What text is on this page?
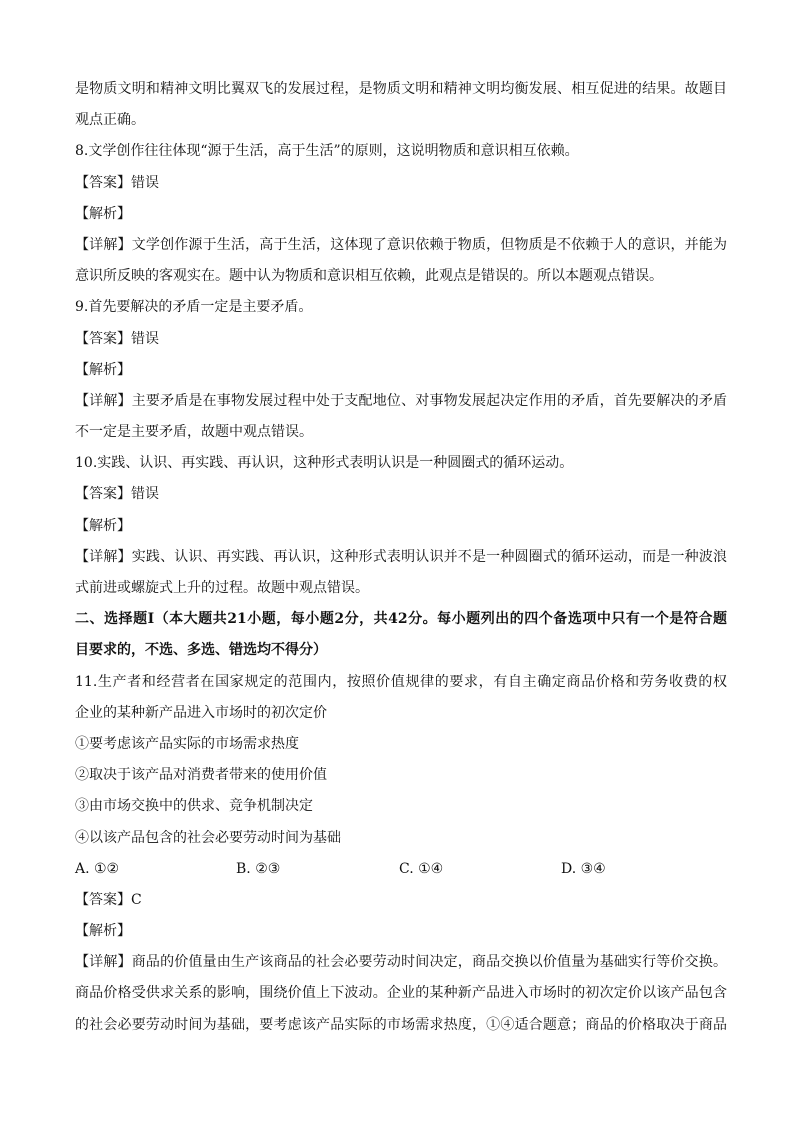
是物质文明和精神文明比翼双飞的发展过程，是物质文明和精神文明均衡发展、相互促进的结果。故题目
观点正确。
8.文学创作往往体现“源于生活，高于生活”的原则，这说明物质和意识相互依赖。
【答案】错误
【解析】
【详解】文学创作源于生活，高于生活，这体现了意识依赖于物质，但物质是不依赖于人的意识，并能为
意识所反映的客观实在。题中认为物质和意识相互依赖，此观点是错误的。所以本题观点错误。
9.首先要解决的矛盾一定是主要矛盾。
【答案】错误
【解析】
【详解】主要矛盾是在事物发展过程中处于支配地位、对事物发展起决定作用的矛盾，首先要解决的矛盾
不一定是主要矛盾，故题中观点错误。
10.实践、认识、再实践、再认识，这种形式表明认识是一种圆圈式的循环运动。
【答案】错误
【解析】
【详解】实践、认识、再实践、再认识，这种形式表明认识并不是一种圆圈式的循环运动，而是一种波浪
式前进或螺旋式上升的过程。故题中观点错误。
二、选择题Ⅰ（本大题共21小题，每小题2分，共42分。每小题列出的四个备选项中只有一个是符合题
目要求的，不选、多选、错选均不得分）
11.生产者和经营者在国家规定的范围内，按照价值规律的要求，有自主确定商品价格和劳务收费的权
企业的某种新产品进入市场时的初次定价
①要考虑该产品实际的市场需求热度
②取决于该产品对消费者带来的使用价值
③由市场交换中的供求、竞争机制决定
④以该产品包含的社会必要劳动时间为基础
A. ①②	B. ②③	C. ①④	D. ③④
【答案】C
【解析】
【详解】商品的价值量由生产该商品的社会必要劳动时间决定，商品交换以价值量为基础实行等价交换。
商品价格受供求关系的影响，围绕价值上下波动。企业的某种新产品进入市场时的初次定价以该产品包含
的社会必要劳动时间为基础，要考虑该产品实际的市场需求热度，①④适合题意；商品的价格取决于商品
